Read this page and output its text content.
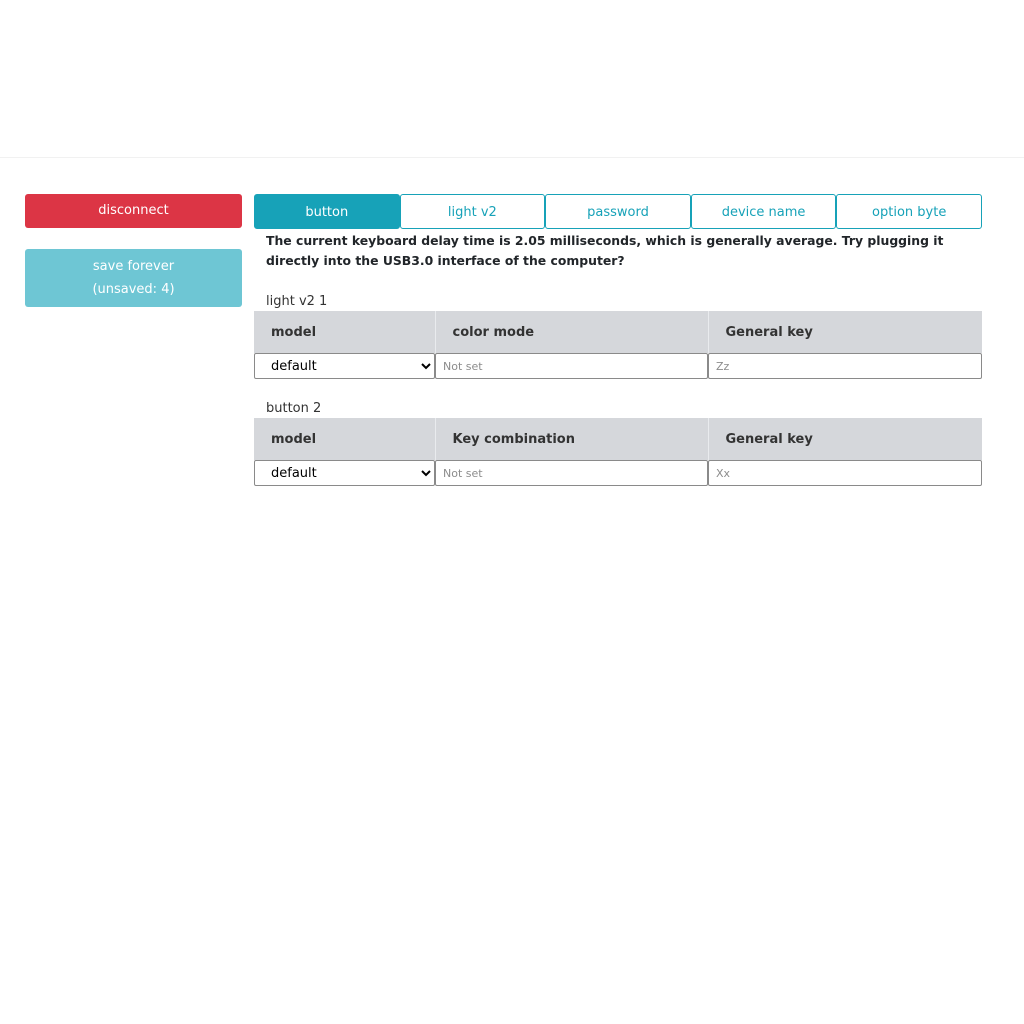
disconnect
save forever
(unsaved: 4)
button	light v2	password	device name	option byte
The current keyboard delay time is 2.05 milliseconds, which is generally average. Try plugging it directly into the USB3.0 interface of the computer?
light v2 1
model	color mode	General key

default	Not set	Zz
button 2
model	Key combination	General key

default	Not set	Xx
